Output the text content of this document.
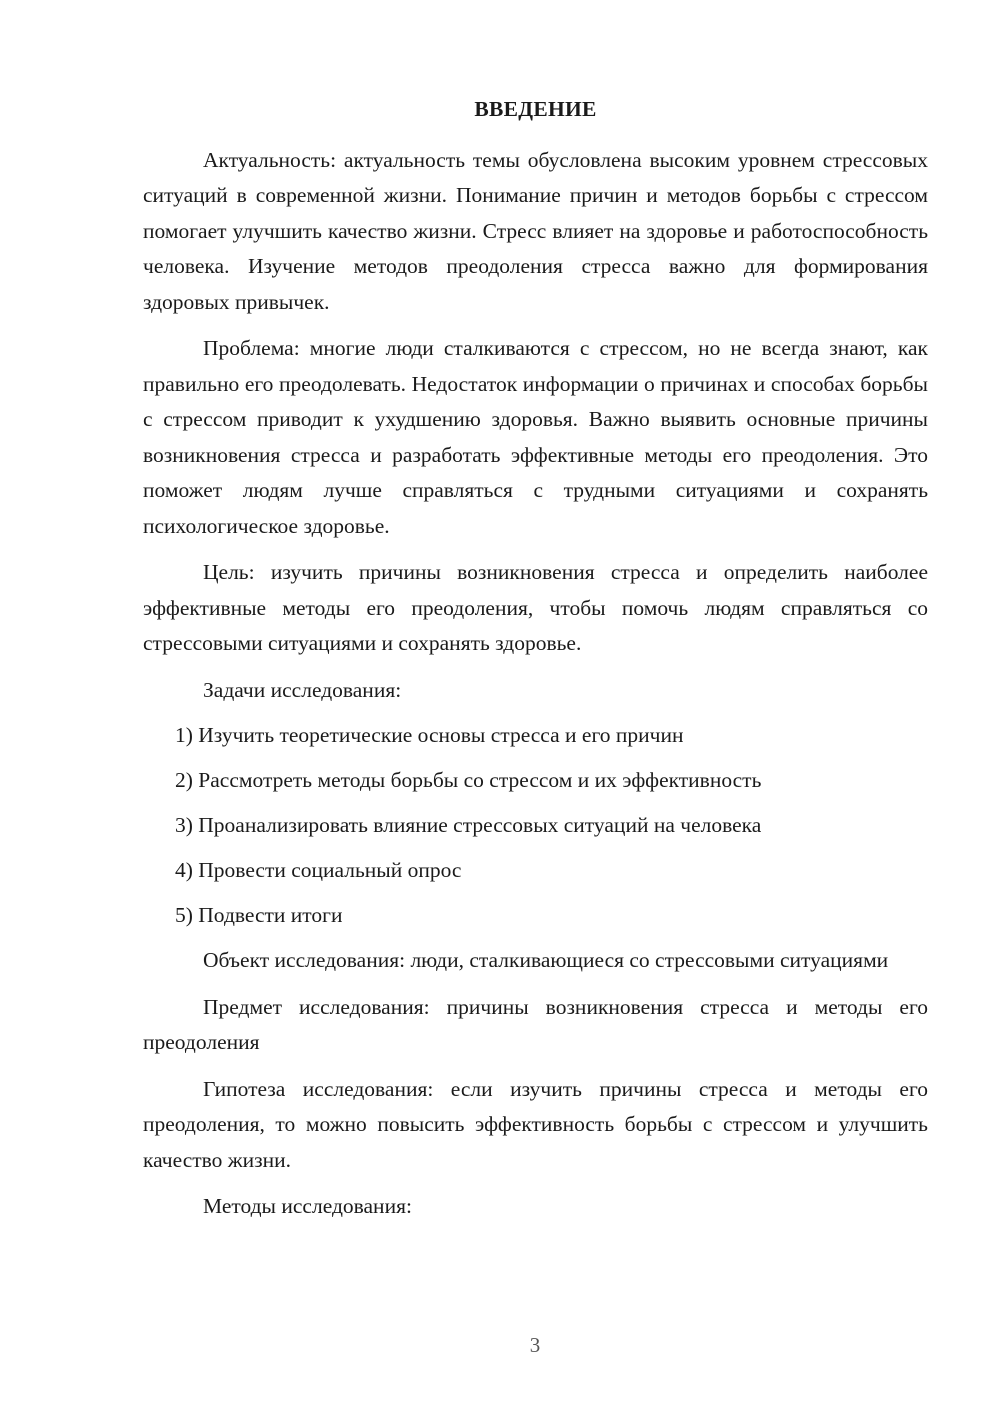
ВВЕДЕНИЕ

Актуальность: актуальность темы обусловлена высоким уровнем стрессовых ситуаций в современной жизни. Понимание причин и методов борьбы с стрессом помогает улучшить качество жизни. Стресс влияет на здоровье и работоспособность человека. Изучение методов преодоления стресса важно для формирования здоровых привычек.

Проблема: многие люди сталкиваются с стрессом, но не всегда знают, как правильно его преодолевать. Недостаток информации о причинах и способах борьбы с стрессом приводит к ухудшению здоровья. Важно выявить основные причины возникновения стресса и разработать эффективные методы его преодоления. Это поможет людям лучше справляться с трудными ситуациями и сохранять психологическое здоровье.

Цель: изучить причины возникновения стресса и определить наиболее эффективные методы его преодоления, чтобы помочь людям справляться со стрессовыми ситуациями и сохранять здоровье.

Задачи исследования:

1) Изучить теоретические основы стресса и его причин
2) Рассмотреть методы борьбы со стрессом и их эффективность
3) Проанализировать влияние стрессовых ситуаций на человека
4) Провести социальный опрос
5) Подвести итоги

Объект исследования: люди, сталкивающиеся со стрессовыми ситуациями

Предмет исследования: причины возникновения стресса и методы его преодоления

Гипотеза исследования: если изучить причины стресса и методы его преодоления, то можно повысить эффективность борьбы с стрессом и улучшить качество жизни.

Методы исследования:

3
